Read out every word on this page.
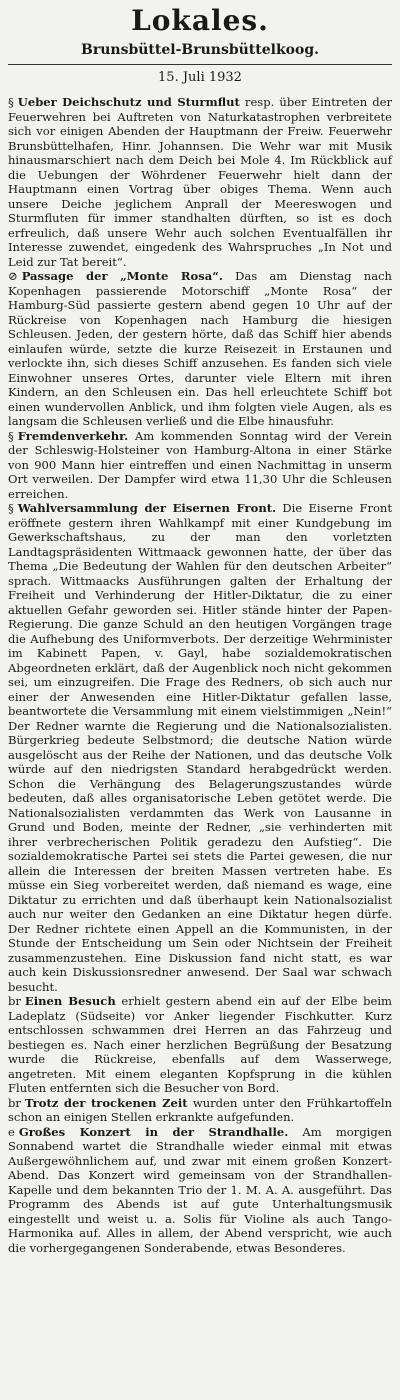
Lokales.
Brunsbüttel-Brunsbüttelkoog.
15. Juli 1932

§ Ueber Deichschutz und Sturmflut resp. über Eintreten der Feuerwehren bei Auftreten von Naturkatastrophen verbreitete sich vor einigen Abenden der Hauptmann der Freiw. Feuerwehr Brunsbüttelhafen, Hinr. Johannsen. Die Wehr war mit Musik hinausmarschiert nach dem Deich bei Mole 4. Im Rückblick auf die Uebungen der Wöhrdener Feuerwehr hielt dann der Hauptmann einen Vortrag über obiges Thema. Wenn auch unsere Deiche jeglichem Anprall der Meereswogen und Sturmfluten für immer standhalten dürften, so ist es doch erfreulich, daß unsere Wehr auch solchen Eventualfällen ihr Interesse zuwendet, eingedenk des Wahrspruches „In Not und Leid zur Tat bereit“.

⊘ Passage der „Monte Rosa“. Das am Dienstag nach Kopenhagen passierende Motorschiff „Monte Rosa“ der Hamburg-Süd passierte gestern abend gegen 10 Uhr auf der Rückreise von Kopenhagen nach Hamburg die hiesigen Schleusen. Jeden, der gestern hörte, daß das Schiff hier abends einlaufen würde, setzte die kurze Reisezeit in Erstaunen und verlockte ihn, sich dieses Schiff anzusehen. Es fanden sich viele Einwohner unseres Ortes, darunter viele Eltern mit ihren Kindern, an den Schleusen ein. Das hell erleuchtete Schiff bot einen wundervollen Anblick, und ihm folgten viele Augen, als es langsam die Schleusen verließ und die Elbe hinausfuhr.

§ Fremdenverkehr. Am kommenden Sonntag wird der Verein der Schleswig-Holsteiner von Hamburg-Altona in einer Stärke von 900 Mann hier eintreffen und einen Nachmittag in unserm Ort verweilen. Der Dampfer wird etwa 11,30 Uhr die Schleusen erreichen.

§ Wahlversammlung der Eisernen Front. Die Eiserne Front eröffnete gestern ihren Wahlkampf mit einer Kundgebung im Gewerkschaftshaus, zu der man den vorletzten Landtagspräsidenten Wittmaack gewonnen hatte, der über das Thema „Die Bedeutung der Wahlen für den deutschen Arbeiter“ sprach. Wittmaacks Ausführungen galten der Erhaltung der Freiheit und Verhinderung der Hitler-Diktatur, die zu einer aktuellen Gefahr geworden sei. Hitler stände hinter der Papen-Regierung. Die ganze Schuld an den heutigen Vorgängen trage die Aufhebung des Uniformverbots. Der derzeitige Wehrminister im Kabinett Papen, v. Gayl, habe sozialdemokratischen Abgeordneten erklärt, daß der Augenblick noch nicht gekommen sei, um einzugreifen. Die Frage des Redners, ob sich auch nur einer der Anwesenden eine Hitler-Diktatur gefallen lasse, beantwortete die Versammlung mit einem vielstimmigen „Nein!“ Der Redner warnte die Regierung und die Nationalsozialisten. Bürgerkrieg bedeute Selbstmord; die deutsche Nation würde ausgelöscht aus der Reihe der Nationen, und das deutsche Volk würde auf den niedrigsten Standard herabgedrückt werden. Schon die Verhängung des Belagerungszustandes würde bedeuten, daß alles organisatorische Leben getötet werde. Die Nationalsozialisten verdammten das Werk von Lausanne in Grund und Boden, meinte der Redner, „sie verhinderten mit ihrer verbrecherischen Politik geradezu den Aufstieg“. Die sozialdemokratische Partei sei stets die Partei gewesen, die nur allein die Interessen der breiten Massen vertreten habe. Es müsse ein Sieg vorbereitet werden, daß niemand es wage, eine Diktatur zu errichten und daß überhaupt kein Nationalsozialist auch nur weiter den Gedanken an eine Diktatur hegen dürfe. Der Redner richtete einen Appell an die Kommunisten, in der Stunde der Entscheidung um Sein oder Nichtsein der Freiheit zusammenzustehen. Eine Diskussion fand nicht statt, es war auch kein Diskussionsredner anwesend. Der Saal war schwach besucht.

br Einen Besuch erhielt gestern abend ein auf der Elbe beim Ladeplatz (Südseite) vor Anker liegender Fischkutter. Kurz entschlossen schwammen drei Herren an das Fahrzeug und bestiegen es. Nach einer herzlichen Begrüßung der Besatzung wurde die Rückreise, ebenfalls auf dem Wasserwege, angetreten. Mit einem eleganten Kopfsprung in die kühlen Fluten entfernten sich die Besucher von Bord.

br Trotz der trockenen Zeit wurden unter den Frühkartoffeln schon an einigen Stellen erkrankte aufgefunden.

e Großes Konzert in der Strandhalle. Am morgigen Sonnabend wartet die Strandhalle wieder einmal mit etwas Außergewöhnlichem auf, und zwar mit einem großen Konzert-Abend. Das Konzert wird gemeinsam von der Strandhallen-Kapelle und dem bekannten Trio der 1. M. A. A. ausgeführt. Das Programm des Abends ist auf gute Unterhaltungsmusik eingestellt und weist u. a. Solis für Violine als auch Tango-Harmonika auf. Alles in allem, der Abend verspricht, wie auch die vorhergegangenen Sonderabende, etwas Besonderes.
